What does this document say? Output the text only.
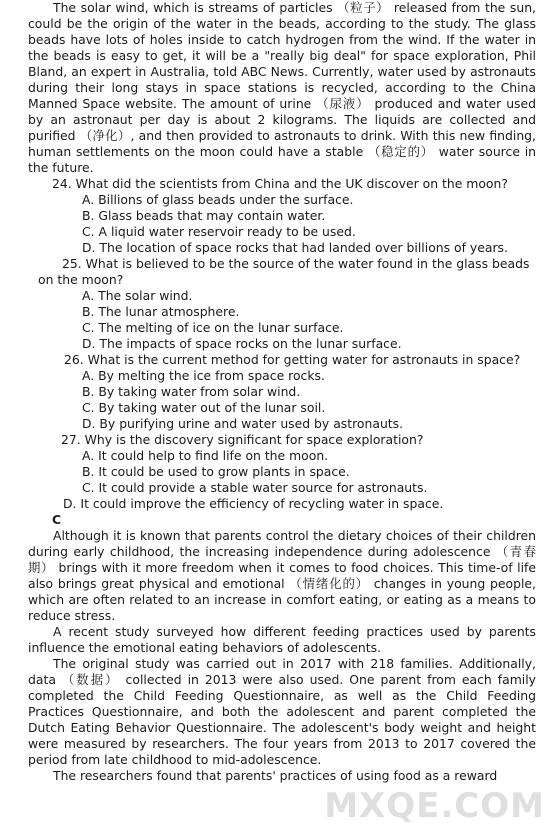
The solar wind, which is streams of particles （粒子） released from the sun, could be the origin of the water in the beads, according to the study. The glass beads have lots of holes inside to catch hydrogen from the wind. If the water in the beads is easy to get, it will be a "really big deal" for space exploration, Phil Bland, an expert in Australia, told ABC News. Currently, water used by astronauts during their long stays in space stations is recycled, according to the China Manned Space website. The amount of urine （尿液） produced and water used by an astronaut per day is about 2 kilograms. The liquids are collected and purified （净化）, and then provided to astronauts to drink. With this new finding, human settlements on the moon could have a stable （稳定的） water source in the future.

24. What did the scientists from China and the UK discover on the moon?

A. Billions of glass beads under the surface.

B. Glass beads that may contain water.

C. A liquid water reservoir ready to be used.

D. The location of space rocks that had landed over billions of years.

25. What is believed to be the source of the water found in the glass beads on the moon?

A. The solar wind.

B. The lunar atmosphere.

C. The melting of ice on the lunar surface.

D. The impacts of space rocks on the lunar surface.

26. What is the current method for getting water for astronauts in space?

A. By melting the ice from space rocks.

B. By taking water from solar wind.

C. By taking water out of the lunar soil.

D. By purifying urine and water used by astronauts.

27. Why is the discovery significant for space exploration?

A. It could help to find life on the moon.

B. It could be used to grow plants in space.

C. It could provide a stable water source for astronauts.

D. It could improve the efficiency of recycling water in space.

C

Although it is known that parents control the dietary choices of their children during early childhood, the increasing independence during adolescence （青春期） brings with it more freedom when it comes to food choices. This time-of life also brings great physical and emotional （情绪化的） changes in young people, which are often related to an increase in comfort eating, or eating as a means to reduce stress.

A recent study surveyed how different feeding practices used by parents influence the emotional eating behaviors of adolescents.

The original study was carried out in 2017 with 218 families. Additionally, data （数据） collected in 2013 were also used. One parent from each family completed the Child Feeding Questionnaire, as well as the Child Feeding Practices Questionnaire, and both the adolescent and parent completed the Dutch Eating Behavior Questionnaire. The adolescent's body weight and height were measured by researchers. The four years from 2013 to 2017 covered the period from late childhood to mid-adolescence.

The researchers found that parents' practices of using food as a reward

MXQE.COM
